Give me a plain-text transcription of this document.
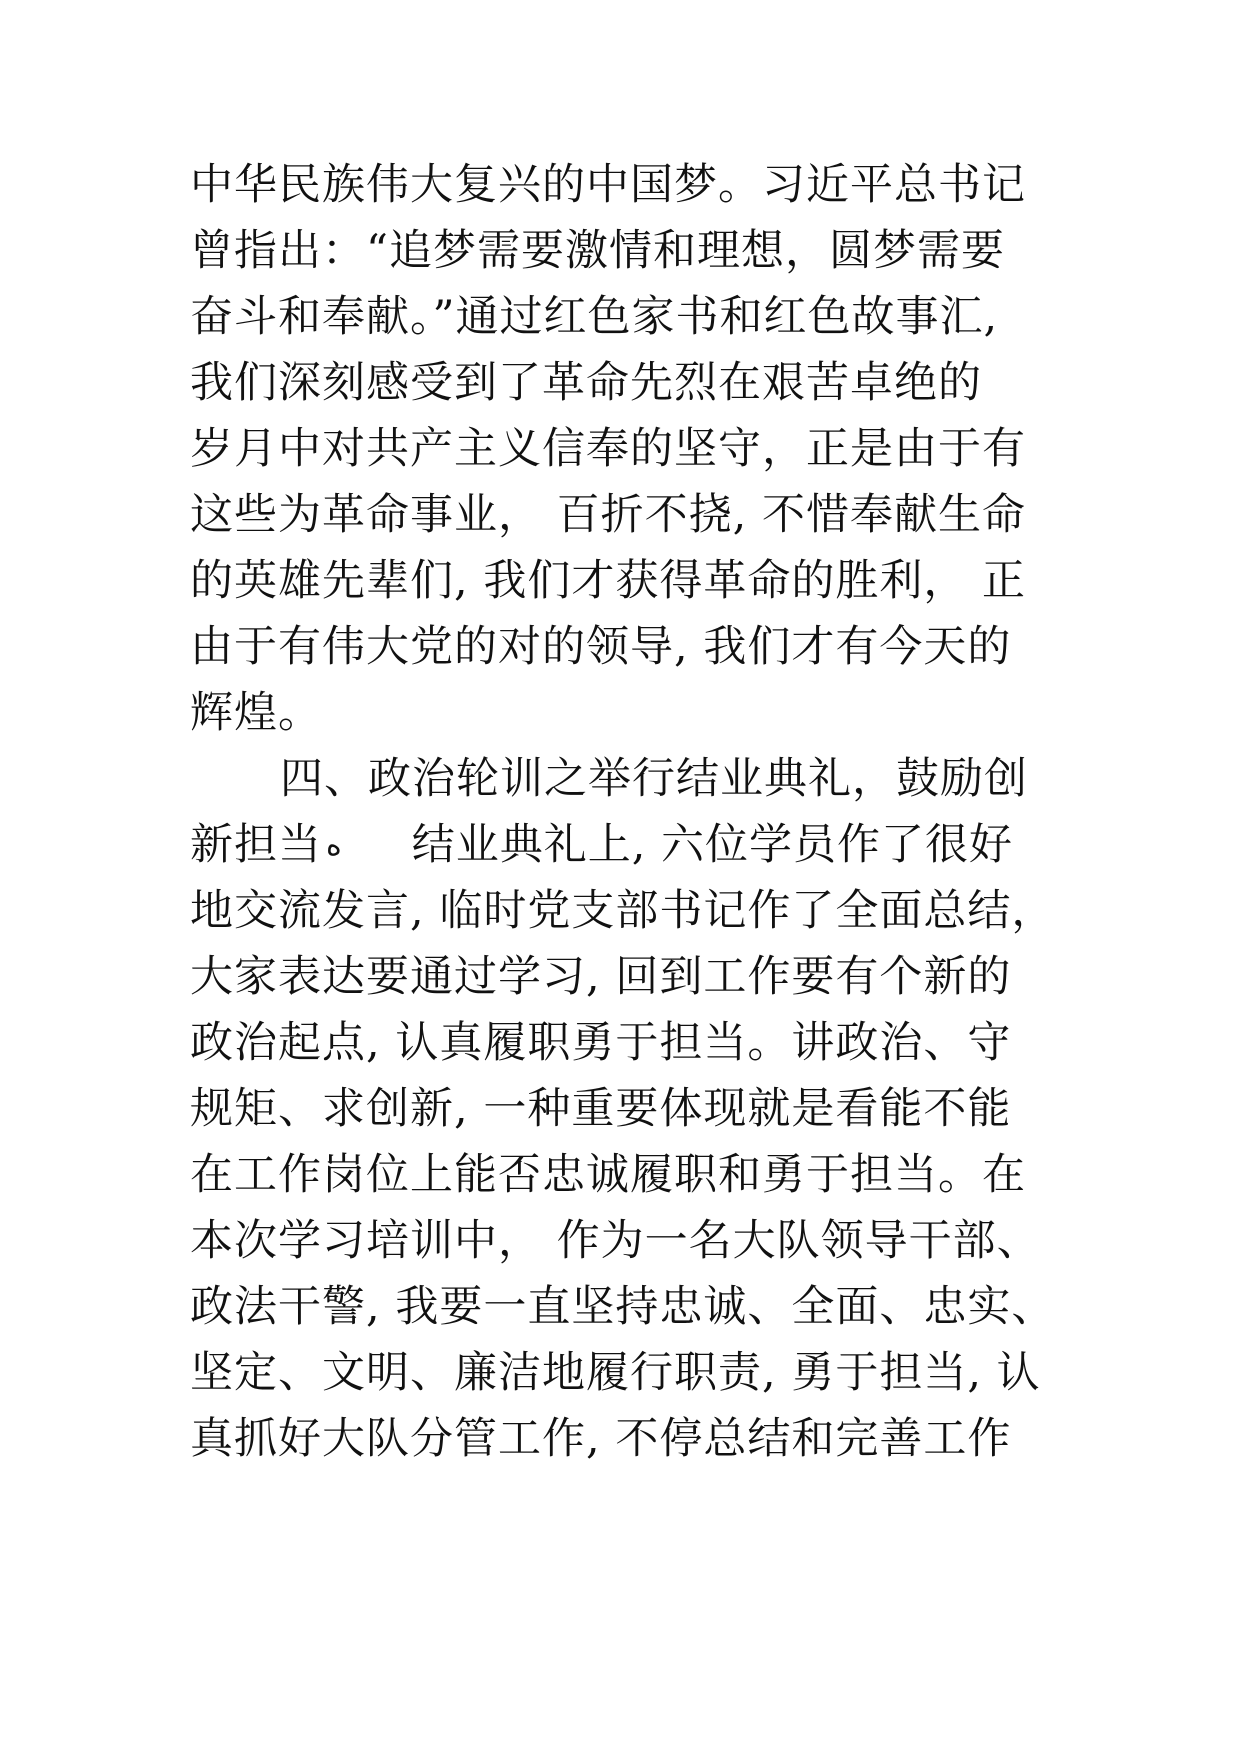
中华民族伟大复兴的中国梦。习近平总书记
曾指出：“追梦需要激情和理想，圆梦需要
奋斗和奉献。”通过红色家书和红色故事汇,
我们深刻感受到了革命先烈在艰苦卓绝的
岁月中对共产主义信奉的坚守，正是由于有
这些为革命事业， 百折不挠, 不惜奉献生命
的英雄先辈们, 我们才获得革命的胜利， 正
由于有伟大党的对的领导, 我们才有今天的
辉煌。
四、政治轮训之举行结业典礼，鼓励创
新担当 ه 结业典礼上, 六位学员作了很好
地交流发言, 临时党支部书记作了全面总结，
大家表达要通过学习, 回到工作要有个新的
政治起点, 认真履职勇于担当。讲政治、守
规矩、求创新, 一种重要体现就是看能不能
在工作岗位上能否忠诚履职和勇于担当。在
本次学习培训中， 作为一名大队领导干部、
政法干警, 我要一直坚持忠诚、全面、忠实、
坚定、文明、廉洁地履行职责, 勇于担当, 认
真抓好大队分管工作, 不停总结和完善工作
